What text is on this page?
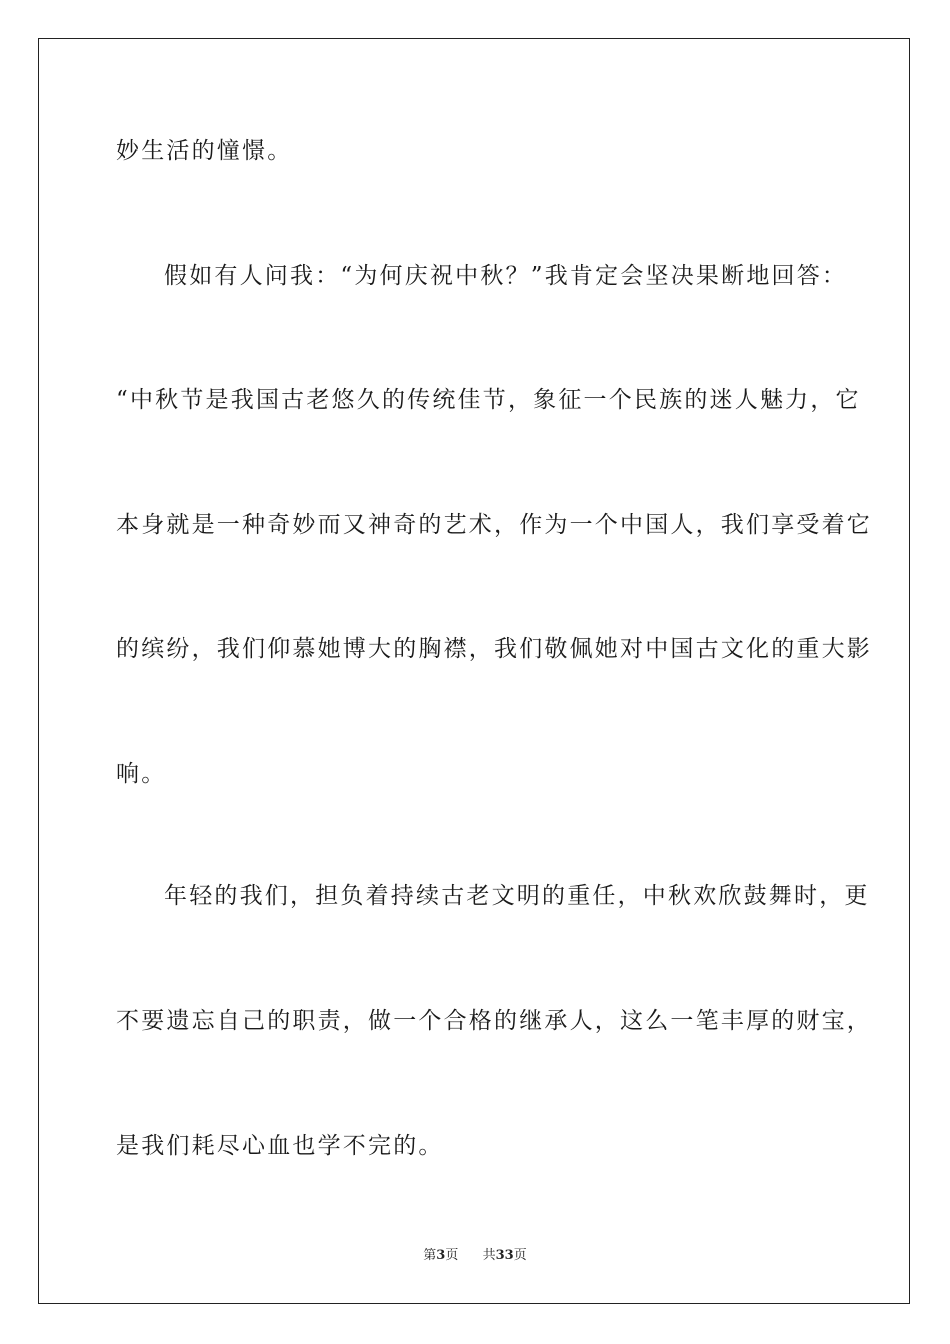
妙生活的憧憬。
假如有人问我：“为何庆祝中秋？”我肯定会坚决果断地回答：
“中秋节是我国古老悠久的传统佳节，象征一个民族的迷人魅力，它
本身就是一种奇妙而又神奇的艺术，作为一个中国人，我们享受着它
的缤纷，我们仰慕她博大的胸襟，我们敬佩她对中国古文化的重大影
响。
年轻的我们，担负着持续古老文明的重任，中秋欢欣鼓舞时，更
不要遗忘自己的职责，做一个合格的继承人，这么一笔丰厚的财宝，
是我们耗尽心血也学不完的。
第3页 共33页
